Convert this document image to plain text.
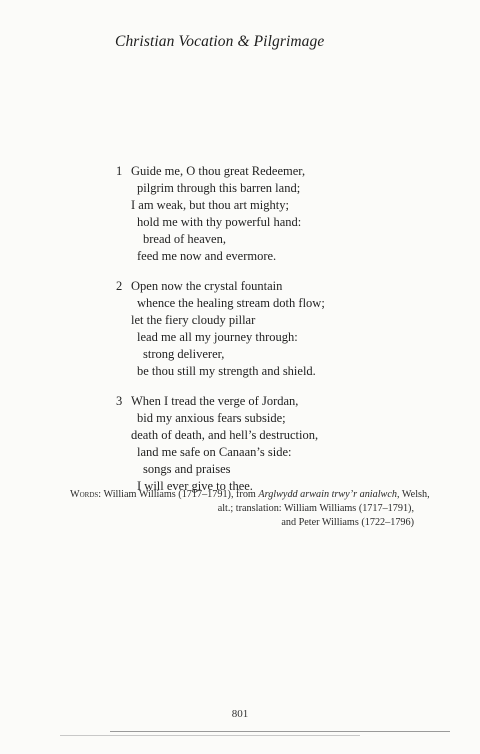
Christian Vocation & Pilgrimage
1 Guide me, O thou great Redeemer,
pilgrim through this barren land;
I am weak, but thou art mighty;
hold me with thy powerful hand:
bread of heaven,
feed me now and evermore.
2 Open now the crystal fountain
whence the healing stream doth flow;
let the fiery cloudy pillar
lead me all my journey through:
strong deliverer,
be thou still my strength and shield.
3 When I tread the verge of Jordan,
bid my anxious fears subside;
death of death, and hell’s destruction,
land me safe on Canaan’s side:
songs and praises
I will ever give to thee.
Words: William Williams (1717–1791), from Arglwydd arwain trwy’r anialwch, Welsh,
alt.; translation: William Williams (1717–1791),
and Peter Williams (1722–1796)
801
